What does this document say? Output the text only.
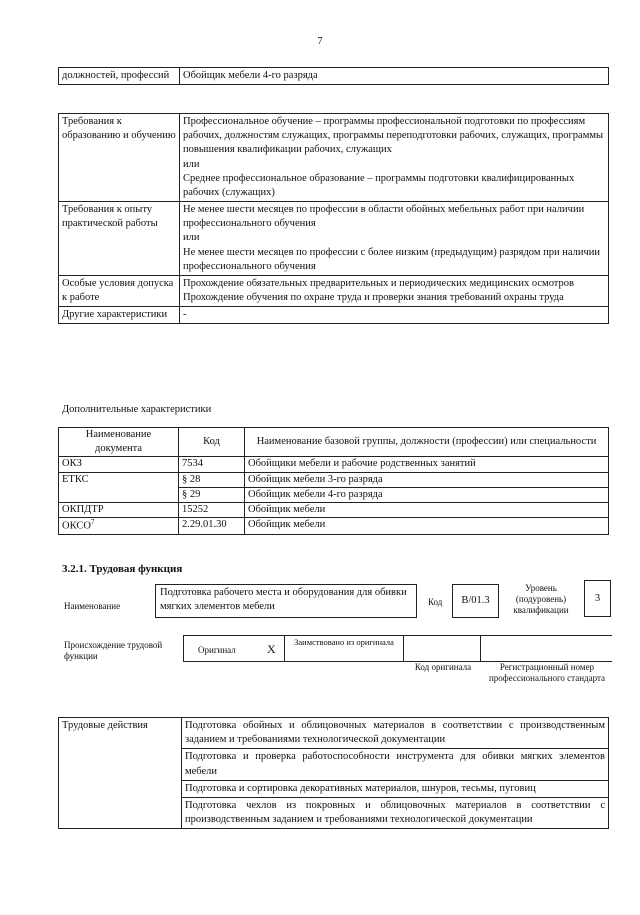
7
должностей, профессий	Обойщик мебели 4-го разряда
Требования к образованию и обучению	Профессиональное обучение – программы профессиональной подготовки по профессиям рабочих, должностям служащих, программы переподготовки рабочих, служащих, программы повышения квалификации рабочих, служащих
или
Среднее профессиональное образование – программы подготовки квалифицированных рабочих (служащих)

Требования к опыту практической работы	Не менее шести месяцев по профессии в области обойных мебельных работ при наличии профессионального обучения
или
Не менее шести месяцев по профессии с более низким (предыдущим) разрядом при наличии профессионального обучения

Особые условия допуска к работе	Прохождение обязательных предварительных и периодических медицинских осмотров
Прохождение обучения по охране труда и проверки знания требований охраны труда

Другие характеристики	-
Дополнительные характеристики
Наименование документа	Код	Наименование базовой группы, должности (профессии) или специальности
ОКЗ	7534	Обойщики мебели и рабочие родственных занятий
ЕТКС	§ 28	Обойщик мебели 3-го разряда
	§ 29	Обойщик мебели 4-го разряда
ОКПДТР	15252	Обойщик мебели
ОКСО$^7$	2.29.01.30	Обойщик мебели
3.2.1. Трудовая функция
Наименование
Подготовка рабочего места и оборудования для обивки мягких элементов мебели	Код	B/01.3
Уровень (подуровень) квалификации
3
Происхождение трудовой функции
Оригинал	X	Заимствовано из оригинала
Код оригинала	Регистрационный номер профессионального стандарта
Трудовые действия	Подготовка обойных и облицовочных материалов в соответствии с производственным заданием и требованиями технологической документации
Подготовка и проверка работоспособности инструмента для обивки мягких элементов мебели
Подготовка и сортировка декоративных материалов, шнуров, тесьмы, пуговиц
Подготовка чехлов из покровных и облицовочных материалов в соответствии с производственным заданием и требованиями технологической документации
